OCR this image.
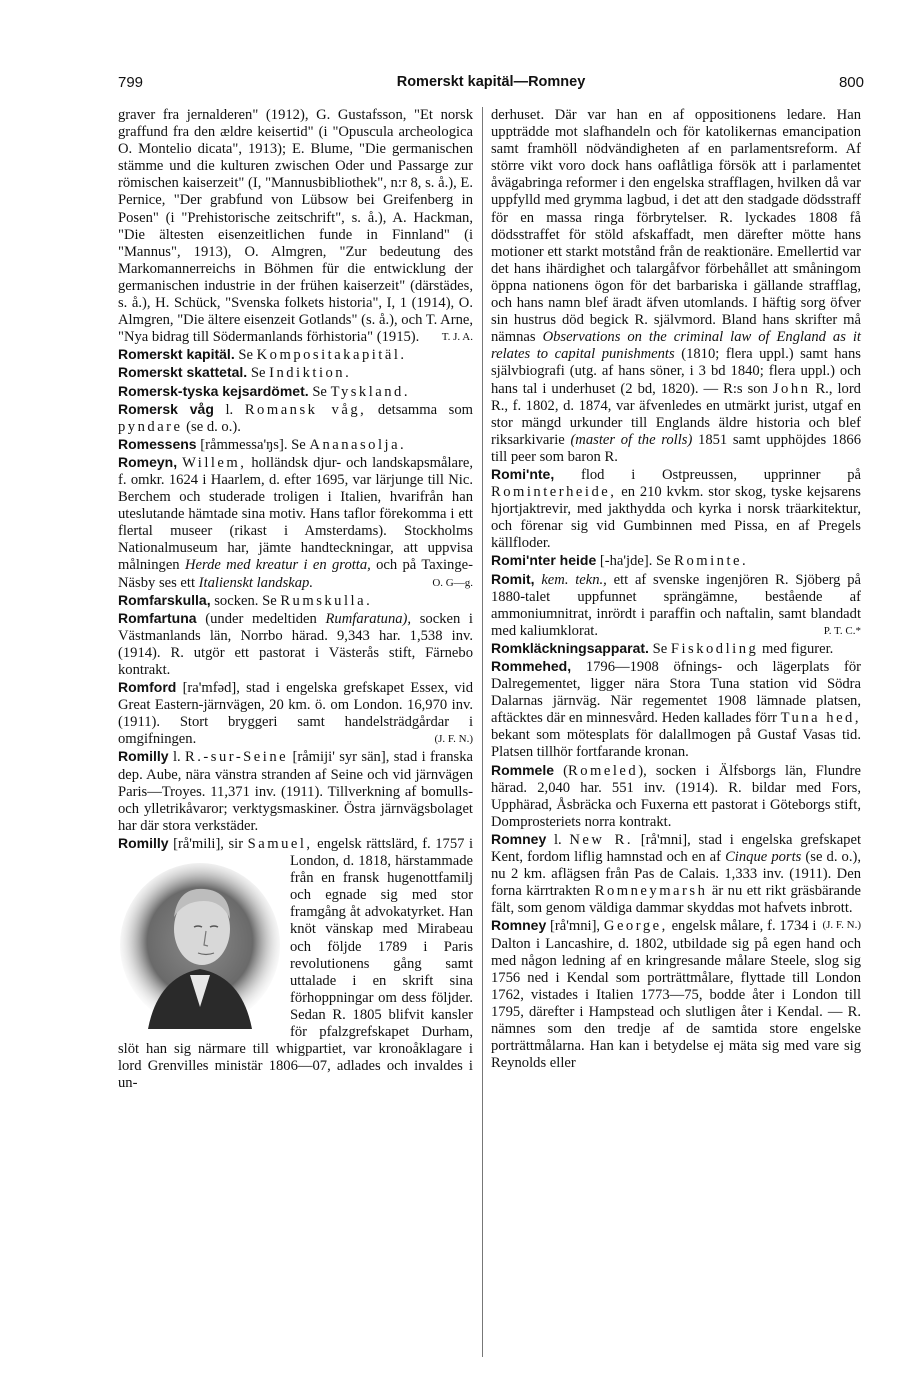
799	Romerskt kapitäl—Romney	800

graver fra jernalderen" (1912), G. Gustafsson, "Et norsk graffund fra den ældre keisertid" (i "Opuscula archeologica O. Montelio dicata", 1913); E. Blume, "Die germanischen stämme und die kulturen zwischen Oder und Passarge zur römischen kaiserzeit" (I, "Mannusbibliothek", n:r 8, s. å.), E. Pernice, "Der grabfund von Lübsow bei Greifenberg in Posen" (i "Prehistorische zeitschrift", s. å.), A. Hackman, "Die ältesten eisenzeitlichen funde in Finnland" (i "Mannus", 1913), O. Almgren, "Zur bedeutung des Markomannerreichs in Böhmen für die entwicklung der germanischen industrie in der frühen kaiserzeit" (därstädes, s. å.), H. Schück, "Svenska folkets historia", I, 1 (1914), O. Almgren, "Die ältere eisenzeit Gotlands" (s. å.), och T. Arne, "Nya bidrag till Södermanlands förhistoria" (1915). T. J. A.

Romerskt kapitäl. Se Kompositakapitäl.

Romerskt skattetal. Se Indiktion.

Romersk-tyska kejsardömet. Se Tyskland.

Romersk våg l. Romansk våg, detsamma som pyndare (se d. o.).

Romessens [råmmessa'ŋs]. Se Ananasolja.

Romeyn, Willem, holländsk djur- och landskapsmålare, f. omkr. 1624 i Haarlem, d. efter 1695, var lärjunge till Nic. Berchem och studerade troligen i Italien, hvarifrån han uteslutande hämtade sina motiv. Hans taflor förekomma i ett flertal museer (rikast i Amsterdams). Stockholms Nationalmuseum har, jämte handteckningar, att uppvisa målningen Herde med kreatur i en grotta, och på Taxinge-Näsby ses ett Italienskt landskap.	O. G—g.

Romfarskulla, socken. Se Rumskulla.

Romfartuna (under medeltiden Rumfaratuna), socken i Västmanlands län, Norrbo härad. 9,343 har. 1,538 inv. (1914). R. utgör ett pastorat i Västerås stift, Färnebo kontrakt.

Romford [ra'mfəd], stad i engelska grefskapet Essex, vid Great Eastern-järnvägen, 20 km. ö. om London. 16,970 inv. (1911). Stort bryggeri samt handelsträdgårdar i omgifningen.	(J. F. N.)

Romilly l. R.-sur-Seine [råmiji' syr sän], stad i franska dep. Aube, nära vänstra stranden af Seine och vid järnvägen Paris—Troyes. 11,371 inv. (1911). Tillverkning af bomulls- och ylletrikåvaror; verktygsmaskiner. Östra järnvägsbolaget har där stora verkstäder.

Romilly [rå'mili], sir Samuel, engelsk rättslärd, f. 1757 i London, d. 1818, härstammade från en fransk hugenottfamilj och egnade sig med stor framgång åt advokatyrket. Han knöt vänskap med Mirabeau och följde 1789 i Paris revolutionens gång samt uttalade i en skrift sina förhoppningar om dess följder. Sedan R. 1805 blifvit kansler för pfalzgrefskapet Durham, slöt han sig närmare till whigpartiet, var kronoåklagare i lord Grenvilles ministär 1806—07, adlades och invaldes i un-

derhuset. Där var han en af oppositionens ledare. Han uppträdde mot slafhandeln och för katolikernas emancipation samt framhöll nödvändigheten af en parlamentsreform. Af större vikt voro dock hans oaflåtliga försök att i parlamentet åvägabringa reformer i den engelska strafflagen, hvilken då var uppfylld med grymma lagbud, i det att den stadgade dödsstraff för en massa ringa förbrytelser. R. lyckades 1808 få dödsstraffet för stöld afskaffadt, men därefter mötte hans motioner ett starkt motstånd från de reaktionäre. Emellertid var det hans ihärdighet och talargåfvor förbehållet att småningom öppna nationens ögon för det barbariska i gällande strafflag, och hans namn blef äradt äfven utomlands. I häftig sorg öfver sin hustrus död begick R. självmord. Bland hans skrifter må nämnas Observations on the criminal law of England as it relates to capital punishments (1810; flera uppl.) samt hans självbiografi (utg. af hans söner, i 3 bd 1840; flera uppl.) och hans tal i underhuset (2 bd, 1820). — R:s son John R., lord R., f. 1802, d. 1874, var äfvenledes en utmärkt jurist, utgaf en stor mängd urkunder till Englands äldre historia och blef riksarkivarie (master of the rolls) 1851 samt upphöjdes 1866 till peer som baron R.

Romi'nte, flod i Ostpreussen, upprinner på Rominterheide, en 210 kvkm. stor skog, tyske kejsarens hjortjaktrevir, med jakthydda och kyrka i norsk träarkitektur, och förenar sig vid Gumbinnen med Pissa, en af Pregels källfloder.

Romi'nter heide [-ha'jde]. Se Rominte.

Romit, kem. tekn., ett af svenske ingenjören R. Sjöberg på 1880-talet uppfunnet sprängämne, bestående af ammoniumnitrat, inrördt i paraffin och naftalin, samt blandadt med kaliumklorat.	P. T. C.*

Romkläckningsapparat. Se Fiskodling med figurer.

Rommehed, 1796—1908 öfnings- och lägerplats för Dalregementet, ligger nära Stora Tuna station vid Södra Dalarnas järnväg. När regementet 1908 lämnade platsen, aftäcktes där en minnesvård. Heden kallades förr Tuna hed, bekant som mötesplats för dalallmogen på Gustaf Vasas tid. Platsen tillhör fortfarande kronan.

Rommele (Romeled), socken i Älfsborgs län, Flundre härad. 2,040 har. 551 inv. (1914). R. bildar med Fors, Upphärad, Åsbräcka och Fuxerna ett pastorat i Göteborgs stift, Domprosteriets norra kontrakt.

Romney l. New R. [rå'mni], stad i engelska grefskapet Kent, fordom liflig hamnstad och en af Cinque ports (se d. o.), nu 2 km. aflägsen från Pas de Calais. 1,333 inv. (1911). Den forna kärrtrakten Romneymarsh är nu ett rikt gräsbärande fält, som genom väldiga dammar skyddas mot hafvets inbrott.
(J. F. N.)

Romney [rå'mni], George, engelsk målare, f. 1734 i Dalton i Lancashire, d. 1802, utbildade sig på egen hand och med någon ledning af en kringresande målare Steele, slog sig 1756 ned i Kendal som porträttmålare, flyttade till London 1762, vistades i Italien 1773—75, bodde åter i London till 1795, därefter i Hampstead och slutligen åter i Kendal. — R. nämnes som den tredje af de samtida store engelske porträttmålarna. Han kan i betydelse ej mäta sig med vare sig Reynolds eller
